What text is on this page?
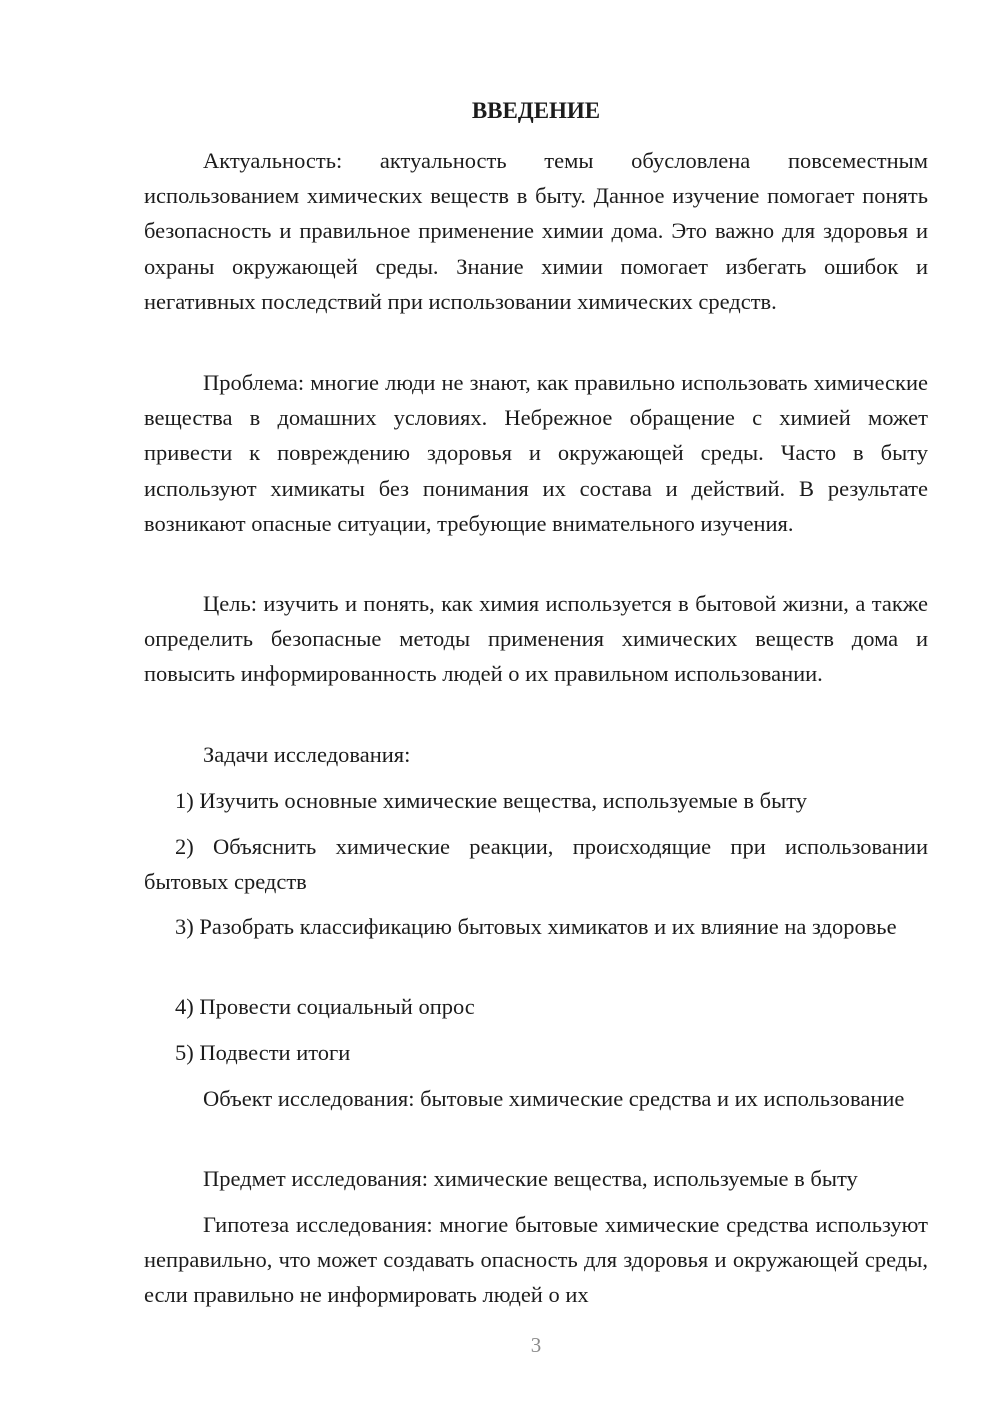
ВВЕДЕНИЕ

Актуальность: актуальность темы обусловлена повсеместным использованием химических веществ в быту. Данное изучение помогает понять безопасность и правильное применение химии дома. Это важно для здоровья и охраны окружающей среды. Знание химии помогает избегать ошибок и негативных последствий при использовании химических средств.

Проблема: многие люди не знают, как правильно использовать химические вещества в домашних условиях. Небрежное обращение с химией может привести к повреждению здоровья и окружающей среды. Часто в быту используют химикаты без понимания их состава и действий. В результате возникают опасные ситуации, требующие внимательного изучения.

Цель: изучить и понять, как химия используется в бытовой жизни, а также определить безопасные методы применения химических веществ дома и повысить информированность людей о их правильном использовании.

Задачи исследования:

1) Изучить основные химические вещества, используемые в быту

2) Объяснить химические реакции, происходящие при использовании бытовых средств

3) Разобрать классификацию бытовых химикатов и их влияние на здоровье

4) Провести социальный опрос

5) Подвести итоги

Объект исследования: бытовые химические средства и их использование

Предмет исследования: химические вещества, используемые в быту

Гипотеза исследования: многие бытовые химические средства используют неправильно, что может создавать опасность для здоровья и окружающей среды, если правильно не информировать людей о их

3
